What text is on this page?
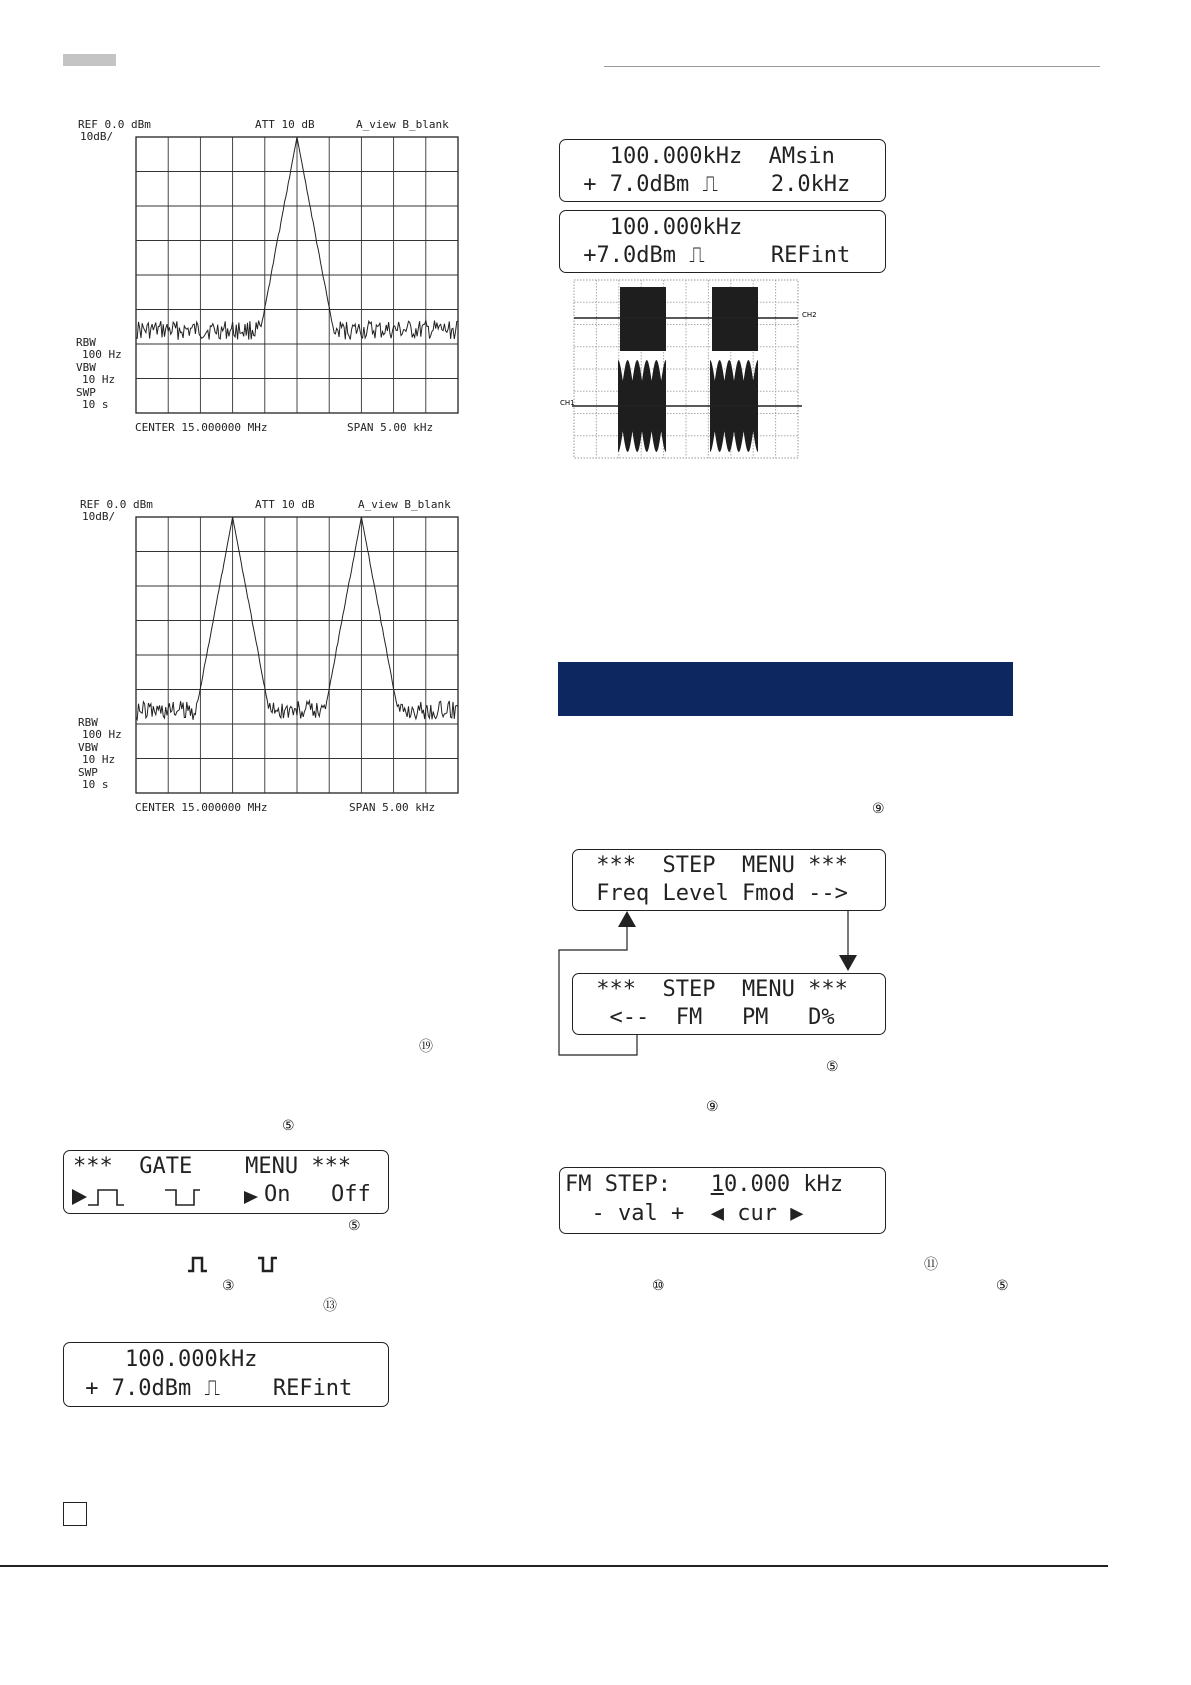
REF 0.0 dBm
10dB/
ATT 10 dB	A_view B_blank
RBW
100 Hz
VBW
10 Hz
SWP
10 s
CENTER 15.000000 MHz	SPAN 5.00 kHz
REF 0.0 dBm
10dB/
ATT 10 dB	A_view B_blank
RBW
100 Hz
VBW
10 Hz
SWP
10 s
CENTER 15.000000 MHz	SPAN 5.00 kHz
100.000kHz  AMsin
+ 7.0dBm ⎍    2.0kHz
100.000kHz
+7.0dBm ⎍     REFint
CH2
CH1
⑨
***  STEP  MENU ***
Freq Level Fmod -->
***  STEP  MENU ***
<--  FM   PM   D%
⑤
⑨
FM STEP:   10.000 kHz
- val +  ◀ cur ▶
⑪
⑩	⑤
⑲
⑤
***  GATE    MENU ***

On

Off

⑤
③
⑬
100.000kHz
+ 7.0dBm ⎍    REFint
